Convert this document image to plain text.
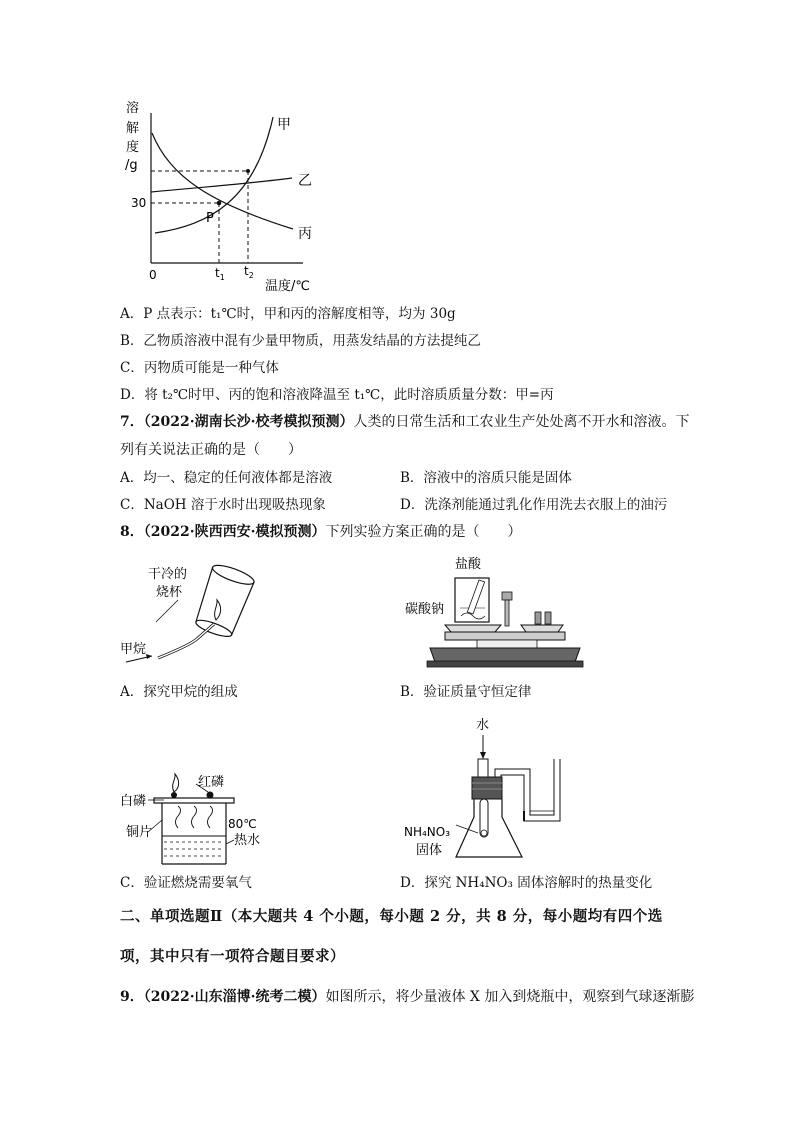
溶
解
度
/g
30
0
P
$t_1$ $t_2$
温度/℃
甲
乙
丙
A．P 点表示：t₁℃时，甲和丙的溶解度相等，均为 30g
B．乙物质溶液中混有少量甲物质，用蒸发结晶的方法提纯乙
C．丙物质可能是一种气体
D．将 t₂℃时甲、丙的饱和溶液降温至 t₁℃，此时溶质质量分数：甲=丙
7．（2022·湖南长沙·校考模拟预测）人类的日常生活和工农业生产处处离不开水和溶液。下
列有关说法正确的是（　　）
A．均一、稳定的任何液体都是溶液	B．溶液中的溶质只能是固体
C．NaOH 溶于水时出现吸热现象	D．洗涤剂能通过乳化作用洗去衣服上的油污
8．（2022·陕西西安·模拟预测）下列实验方案正确的是（　　）
干冷的
烧杯
甲烷
A．探究甲烷的组成
盐酸
碳酸钠
B．验证质量守恒定律
红磷
白磷
铜片
80℃
热水
C．验证燃烧需要氧气
水
NH₄NO₃
固体
D．探究 NH₄NO₃ 固体溶解时的热量变化
二、单项选题Ⅱ（本大题共 4 个小题，每小题 2 分，共 8 分，每小题均有四个选
项，其中只有一项符合题目要求）
9．（2022·山东淄博·统考二模）如图所示，将少量液体 X 加入到烧瓶中，观察到气球逐渐膨
